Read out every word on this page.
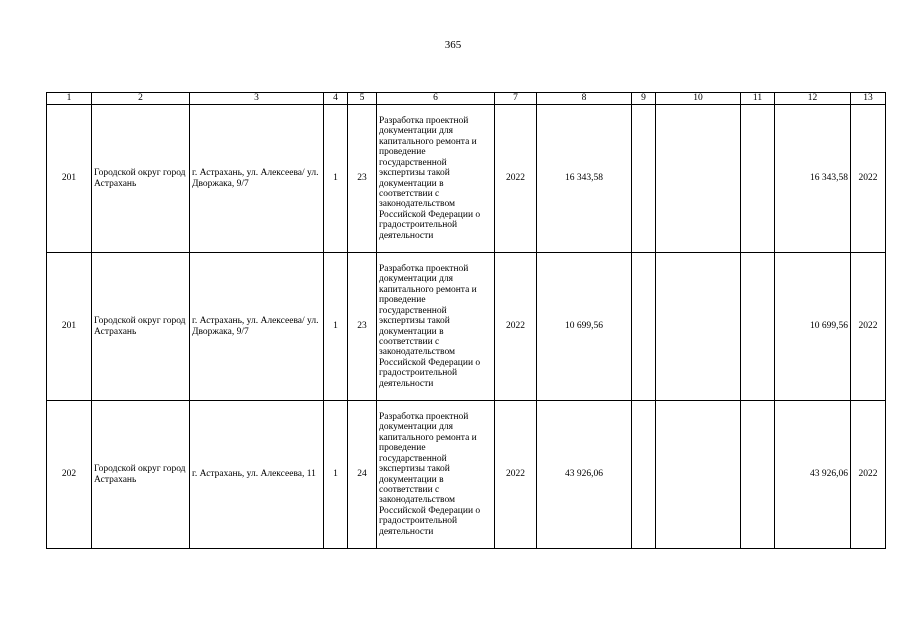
365
1	2	3	4	5	6	7	8	9	10	11	12	13
201	Городской округ город Астрахань	г. Астрахань, ул. Алексеева/ ул. Дворжака, 9/7	1	23	Разработка проектной документации для капитального ремонта и проведение государственной экспертизы такой документации в соответствии с законодательством Российской Федерации о градостроительной деятельности	2022	16 343,58				16 343,58	2022
201	Городской округ город Астрахань	г. Астрахань, ул. Алексеева/ ул. Дворжака, 9/7	1	23	Разработка проектной документации для капитального ремонта и проведение государственной экспертизы такой документации в соответствии с законодательством Российской Федерации о градостроительной деятельности	2022	10 699,56				10 699,56	2022
202	Городской округ город Астрахань	г. Астрахань, ул. Алексеева, 11	1	24	Разработка проектной документации для капитального ремонта и проведение государственной экспертизы такой документации в соответствии с законодательством Российской Федерации о градостроительной деятельности	2022	43 926,06				43 926,06	2022
